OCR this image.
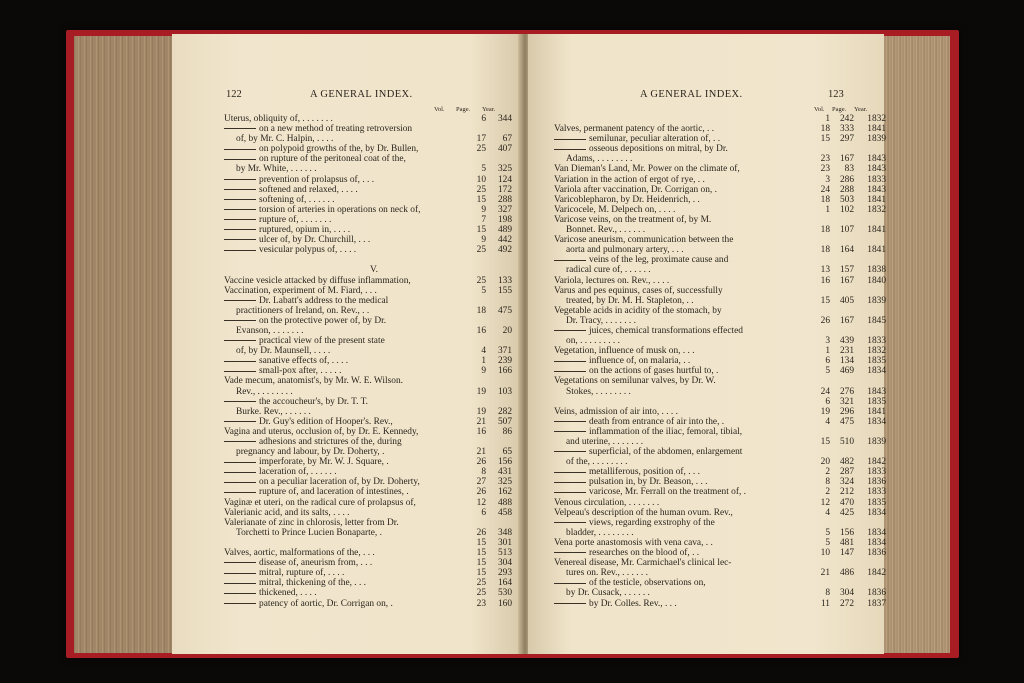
122	A GENERAL INDEX.
Vol. Page. Year.
Uterus, obliquity of, . . . . . . .	6	344
on a new method of treating retroversion
of, by Mr. C. Halpin, . . . .	17	67
on polypoid growths of the, by Dr. Bullen,	25	407
on rupture of the peritoneal coat of the,
by Mr. White, . . . . . .	5	325
prevention of prolapsus of, . . .	10	124
softened and relaxed, . . . .	25	172
softening of, . . . . . .	15	288
torsion of arteries in operations on neck of,	9	327
rupture of, . . . . . . .	7	198
ruptured, opium in, . . . .	15	489
ulcer of, by Dr. Churchill, . . .	9	442
vesicular polypus of, . . . .	25	492
V.
Vaccine vesicle attacked by diffuse inflammation,	25	133
Vaccination, experiment of M. Fiard, . . .	5	155
Dr. Labatt's address to the medical
practitioners of Ireland, on. Rev., . .	18	475
on the protective power of, by Dr.
Evanson, . . . . . . .	16	20
practical view of the present state
of, by Dr. Maunsell, . . . .	4	371
sanative effects of, . . . .	1	239
small-pox after, . . . . .	9	166
Vade mecum, anatomist's, by Mr. W. E. Wilson.
Rev., . . . . . . . .	19	103
the accoucheur's, by Dr. T. T.
Burke. Rev., . . . . . .	19	282
Dr. Guy's edition of Hooper's. Rev.,	21	507
Vagina and uterus, occlusion of, by Dr. E. Kennedy,	16	86
adhesions and strictures of the, during
pregnancy and labour, by Dr. Doherty, .	21	65
imperforate, by Mr. W. J. Square, .	26	156
laceration of, . . . . . .	8	431
on a peculiar laceration of, by Dr. Doherty,	27	325
rupture of, and laceration of intestines, .	26	162
Vaginæ et uteri, on the radical cure of prolapsus of,	12	488
Valerianic acid, and its salts, . . . .	6	458
Valerianate of zinc in chlorosis, letter from Dr.
Torchetti to Prince Lucien Bonaparte, .	26	348
15	301
Valves, aortic, malformations of the, . . .	15	513
disease of, aneurism from, . . .	15	304
mitral, rupture of, . . . .	15	293
mitral, thickening of the, . . .	25	164
thickened, . . . .	25	530
patency of aortic, Dr. Corrigan on, .	23	160
A GENERAL INDEX.	123
Vol. Page. Year.
1	242	1832
Valves, permanent patency of the aortic, . .	18	333	1841
semilunar, peculiar alteration of, . .	15	297	1839
osseous depositions on mitral, by Dr.
Adams, . . . . . . . .	23	167	1843
Van Dieman's Land, Mr. Power on the climate of,	23	83	1843
Variation in the action of ergot of rye, . .	3	286	1833
Variola after vaccination, Dr. Corrigan on, .	24	288	1843
Varicoblepharon, by Dr. Heidenrich, . .	18	503	1841
Varicocele, M. Delpech on, . . . .	1	102	1832
Varicose veins, on the treatment of, by M.
Bonnet. Rev., . . . . . .	18	107	1841
Varicose aneurism, communication between the
aorta and pulmonary artery, . . .	18	164	1841
veins of the leg, proximate cause and
radical cure of, . . . . . .	13	157	1838
Variola, lectures on. Rev., . . . .	16	167	1840
Varus and pes equinus, cases of, successfully
treated, by Dr. M. H. Stapleton, . .	15	405	1839
Vegetable acids in acidity of the stomach, by
Dr. Tracy, . . . . . . .	26	167	1845
juices, chemical transformations effected
on, . . . . . . . . .	3	439	1833
Vegetation, influence of musk on, . . .	1	231	1832
influence of, on malaria, . .	6	134	1835
on the actions of gases hurtful to, .	5	469	1834
Vegetations on semilunar valves, by Dr. W.
Stokes, . . . . . . . .	24	276	1843
6	321	1835
Veins, admission of air into, . . . .	19	296	1841
death from entrance of air into the, .	4	475	1834
inflammation of the iliac, femoral, tibial,
and uterine, . . . . . . .	15	510	1839
superficial, of the abdomen, enlargement
of the, . . . . . . . .	20	482	1842
metalliferous, position of, . . .	2	287	1833
pulsation in, by Dr. Beason, . . .	8	324	1836
varicose, Mr. Ferrall on the treatment of, .	2	212	1833
Venous circulation, . . . . . . .	12	470	1835
Velpeau's description of the human ovum. Rev.,	4	425	1834
views, regarding exstrophy of the
bladder, . . . . . . . .	5	156	1834
Vena porte anastomosis with vena cava, . .	5	481	1834
researches on the blood of, . .	10	147	1836
Venereal disease, Mr. Carmichael's clinical lec-
tures on. Rev., . . . . . .	21	486	1842
of the testicle, observations on,
by Dr. Cusack, . . . . . .	8	304	1836
by Dr. Colles. Rev., . . .	11	272	1837
